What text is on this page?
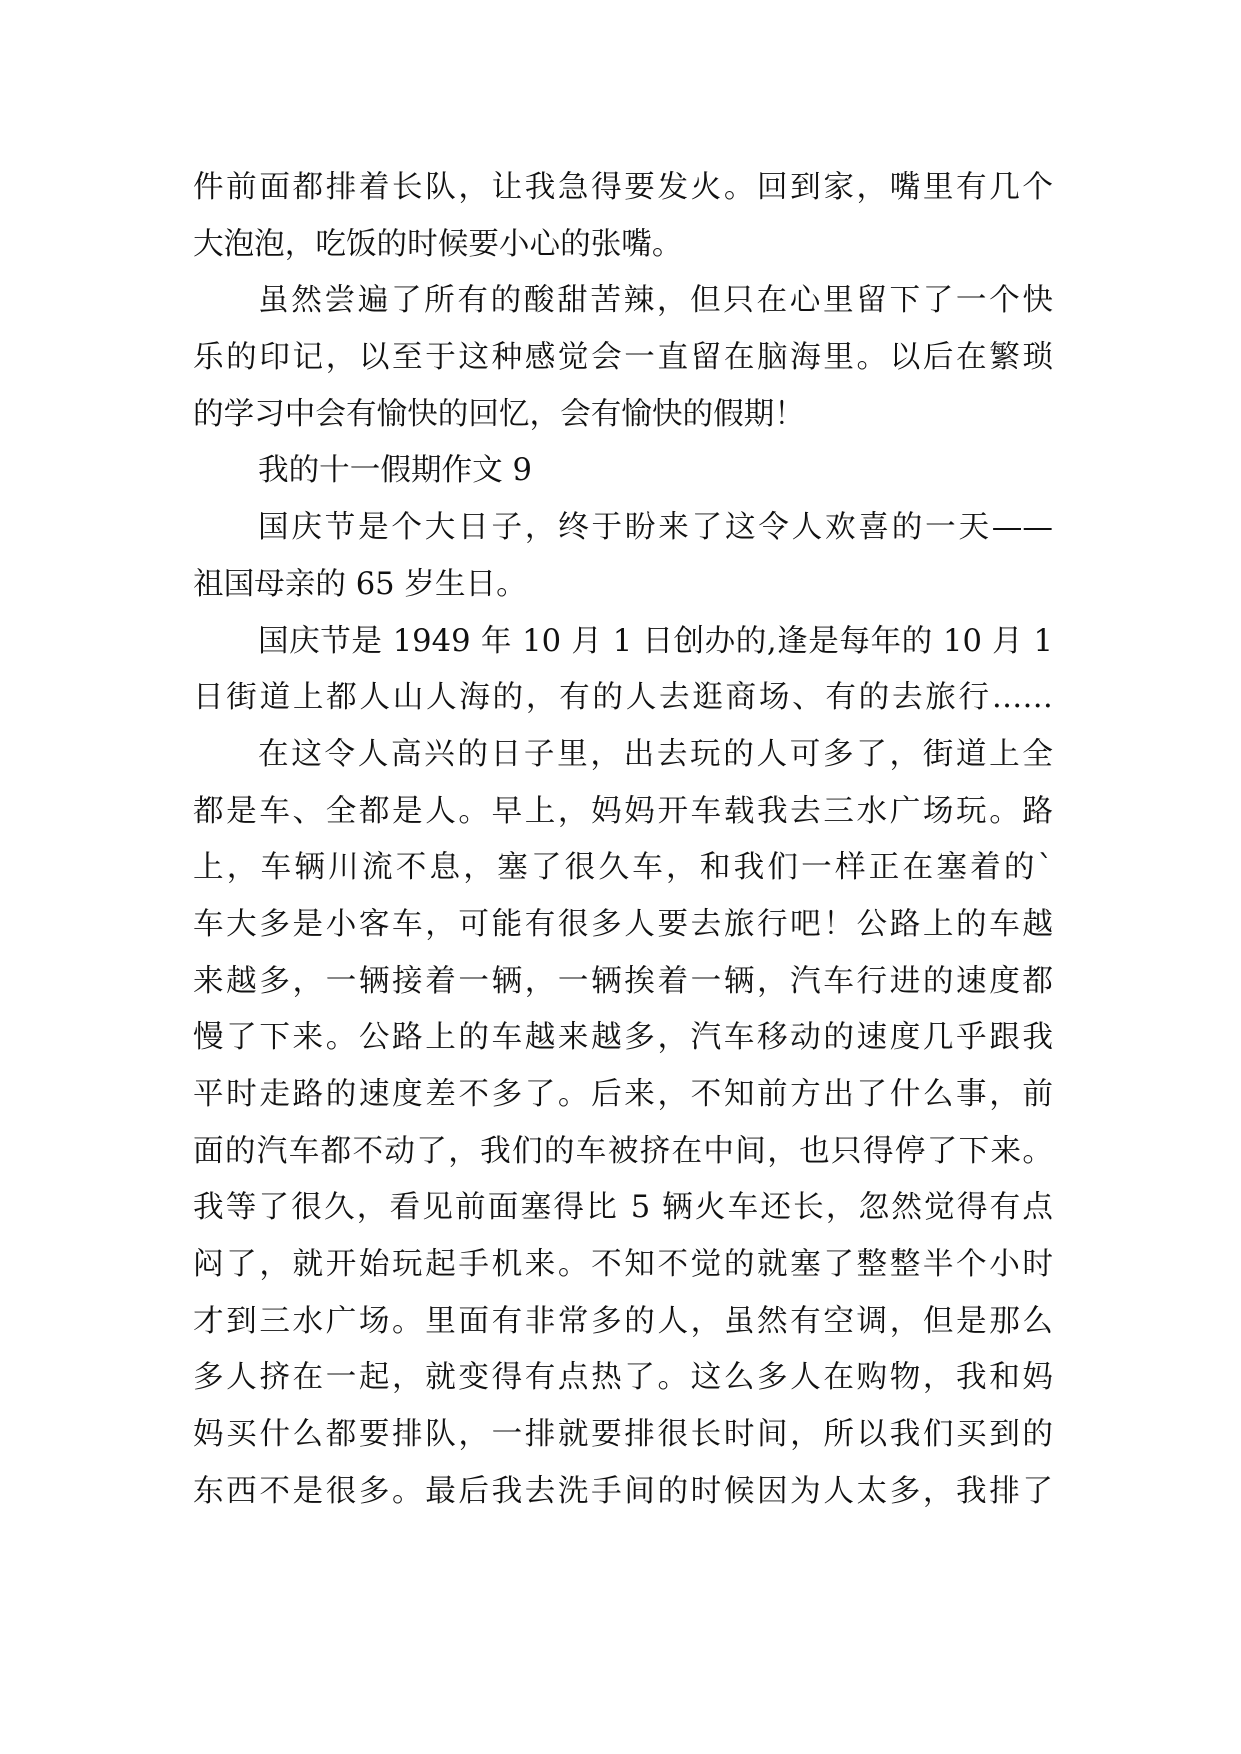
件前面都排着长队，让我急得要发火。回到家，嘴里有几个
大泡泡，吃饭的时候要小心的张嘴。
虽然尝遍了所有的酸甜苦辣，但只在心里留下了一个快
乐的印记，以至于这种感觉会一直留在脑海里。以后在繁琐
的学习中会有愉快的回忆，会有愉快的假期！
我的十一假期作文 9
国庆节是个大日子，终于盼来了这令人欢喜的一天——
祖国母亲的 65 岁生日。
国庆节是 1949 年 10 月 1 日创办的,逢是每年的 10 月 1
日街道上都人山人海的，有的人去逛商场、有的去旅行……
在这令人高兴的日子里，出去玩的人可多了，街道上全
都是车、全都是人。早上，妈妈开车载我去三水广场玩。路
上，车辆川流不息，塞了很久车，和我们一样正在塞着的`
车大多是小客车，可能有很多人要去旅行吧！公路上的车越
来越多，一辆接着一辆，一辆挨着一辆，汽车行进的速度都
慢了下来。公路上的车越来越多，汽车移动的速度几乎跟我
平时走路的速度差不多了。后来，不知前方出了什么事，前
面的汽车都不动了，我们的车被挤在中间，也只得停了下来。
我等了很久，看见前面塞得比 5 辆火车还长，忽然觉得有点
闷了，就开始玩起手机来。不知不觉的就塞了整整半个小时
才到三水广场。里面有非常多的人，虽然有空调，但是那么
多人挤在一起，就变得有点热了。这么多人在购物，我和妈
妈买什么都要排队，一排就要排很长时间，所以我们买到的
东西不是很多。最后我去洗手间的时候因为人太多，我排了
